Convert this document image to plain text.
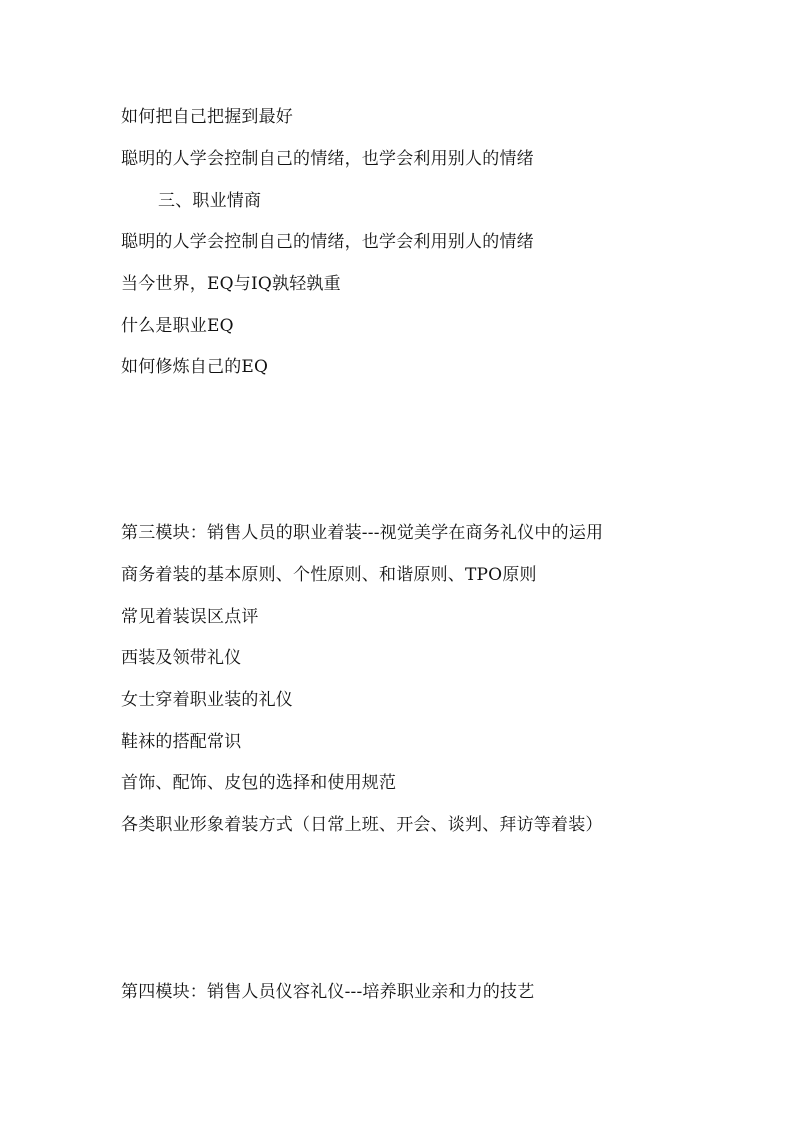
如何把自己把握到最好
聪明的人学会控制自己的情绪，也学会利用别人的情绪
三、职业情商
聪明的人学会控制自己的情绪，也学会利用别人的情绪
当今世界，EQ与IQ孰轻孰重
什么是职业EQ
如何修炼自己的EQ
第三模块：销售人员的职业着装---视觉美学在商务礼仪中的运用
商务着装的基本原则、个性原则、和谐原则、TPO原则
常见着装误区点评
西装及领带礼仪
女士穿着职业装的礼仪
鞋袜的搭配常识
首饰、配饰、皮包的选择和使用规范
各类职业形象着装方式（日常上班、开会、谈判、拜访等着装）
第四模块：销售人员仪容礼仪---培养职业亲和力的技艺
